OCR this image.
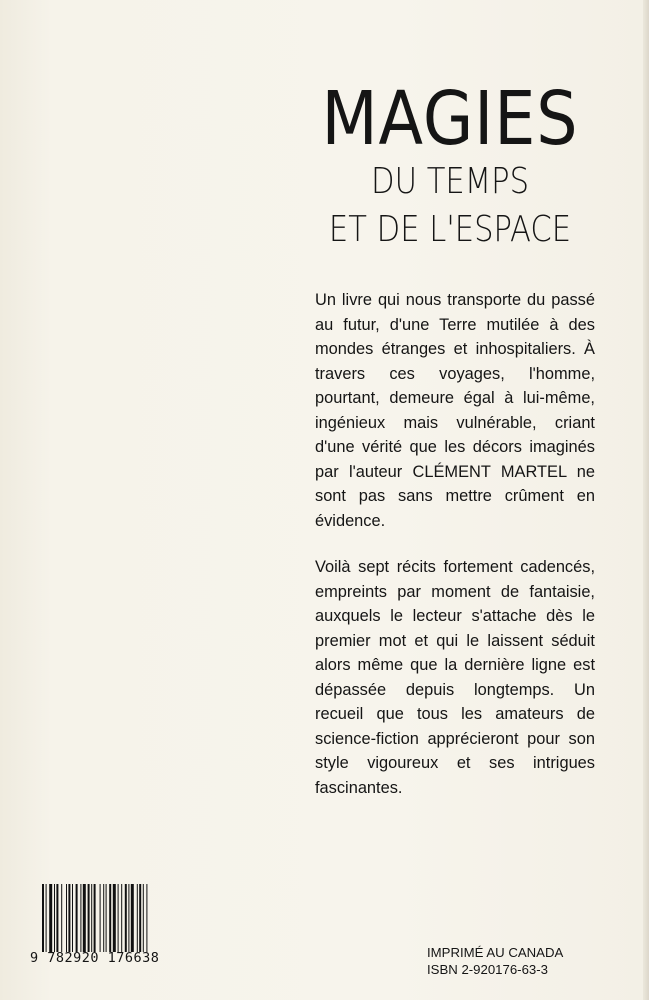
MAGIES
DU TEMPS
ET DE L'ESPACE

Un livre qui nous transporte du passé au futur, d'une Terre mutilée à des mondes étranges et inhospitaliers. À travers ces voyages, l'homme, pourtant, demeure égal à lui-même, ingénieux mais vulnérable, criant d'une vérité que les décors imaginés par l'auteur CLÉMENT MARTEL ne sont pas sans mettre crûment en évidence.

Voilà sept récits fortement cadencés, empreints par moment de fantaisie, auxquels le lecteur s'attache dès le premier mot et qui le laissent séduit alors même que la dernière ligne est dépassée depuis longtemps. Un recueil que tous les amateurs de science-fiction apprécieront pour son style vigoureux et ses intrigues fascinantes.

9 782920 176638	IMPRIMÉ AU CANADA
ISBN 2-920176-63-3
